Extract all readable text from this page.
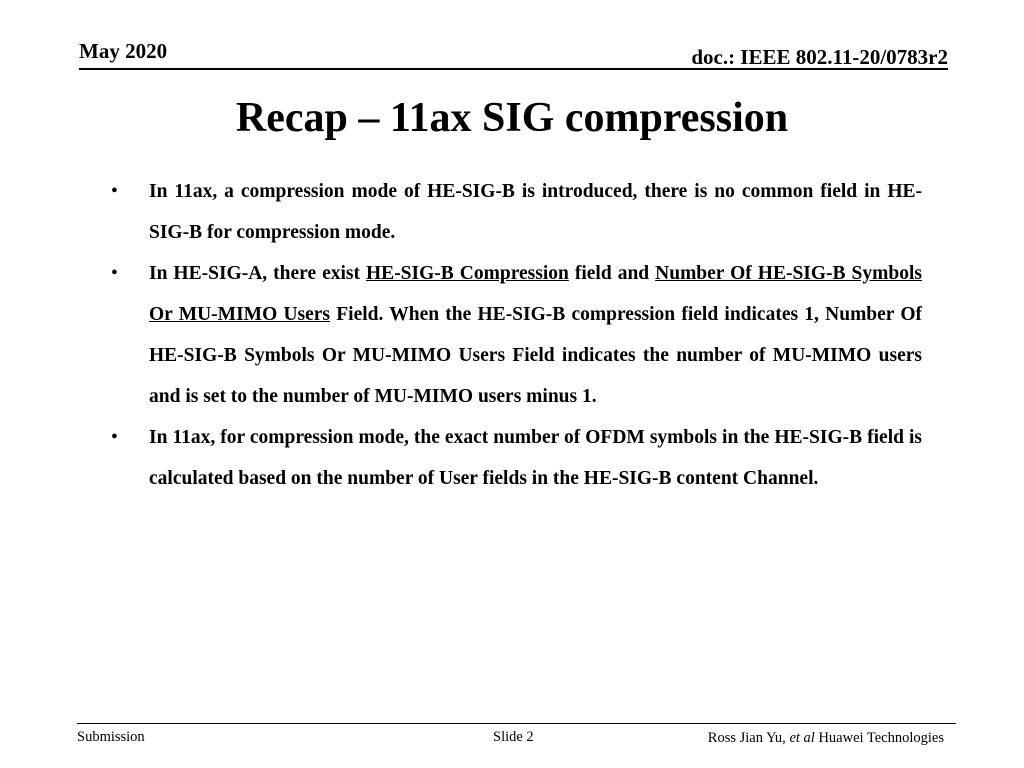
May 2020	doc.: IEEE 802.11-20/0783r2
Recap – 11ax SIG compression
• In 11ax, a compression mode of HE-SIG-B is introduced, there is no common field in HE-SIG-B for compression mode.
• In HE-SIG-A, there exist HE-SIG-B Compression field and Number Of HE-SIG-B Symbols Or MU-MIMO Users Field. When the HE-SIG-B compression field indicates 1, Number Of HE-SIG-B Symbols Or MU-MIMO Users Field indicates the number of MU-MIMO users and is set to the number of MU-MIMO users minus 1.
• In 11ax, for compression mode, the exact number of OFDM symbols in the HE-SIG-B field is calculated based on the number of User fields in the HE-SIG-B content Channel.
Submission	Slide 2	Ross Jian Yu, et al Huawei Technologies
